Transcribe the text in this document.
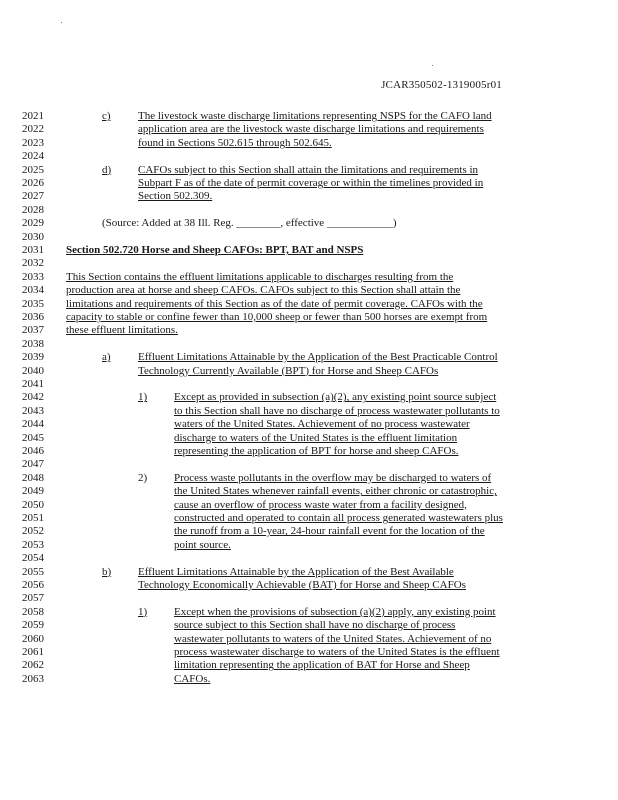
JCAR350502-1319005r01
2021
2022
2023
2024
2025
2026
2027
2028
2029
2030
2031
2032
2033
2034
2035
2036
2037
2038
2039
2040
2041
2042
2043
2044
2045
2046
2047
2048
2049
2050
2051
2052
2053
2054
2055
2056
2057
2058
2059
2060
2061
2062
2063
c) The livestock waste discharge limitations representing NSPS for the CAFO land
application area are the livestock waste discharge limitations and requirements
found in Sections 502.615 through 502.645.
d) CAFOs subject to this Section shall attain the limitations and requirements in
Subpart F as of the date of permit coverage or within the timelines provided in
Section 502.309.
(Source: Added at 38 Ill. Reg. ________, effective ____________)
Section 502.720 Horse and Sheep CAFOs: BPT, BAT and NSPS
This Section contains the effluent limitations applicable to discharges resulting from the
production area at horse and sheep CAFOs. CAFOs subject to this Section shall attain the
limitations and requirements of this Section as of the date of permit coverage. CAFOs with the
capacity to stable or confine fewer than 10,000 sheep or fewer than 500 horses are exempt from
these effluent limitations.
a) Effluent Limitations Attainable by the Application of the Best Practicable Control
Technology Currently Available (BPT) for Horse and Sheep CAFOs
1) Except as provided in subsection (a)(2), any existing point source subject
to this Section shall have no discharge of process wastewater pollutants to
waters of the United States. Achievement of no process wastewater
discharge to waters of the United States is the effluent limitation
representing the application of BPT for horse and sheep CAFOs.
2) Process waste pollutants in the overflow may be discharged to waters of
the United States whenever rainfall events, either chronic or catastrophic,
cause an overflow of process waste water from a facility designed,
constructed and operated to contain all process generated wastewaters plus
the runoff from a 10-year, 24-hour rainfall event for the location of the
point source.
b) Effluent Limitations Attainable by the Application of the Best Available
Technology Economically Achievable (BAT) for Horse and Sheep CAFOs
1) Except when the provisions of subsection (a)(2) apply, any existing point
source subject to this Section shall have no discharge of process
wastewater pollutants to waters of the United States. Achievement of no
process wastewater discharge to waters of the United States is the effluent
limitation representing the application of BAT for Horse and Sheep
CAFOs.
